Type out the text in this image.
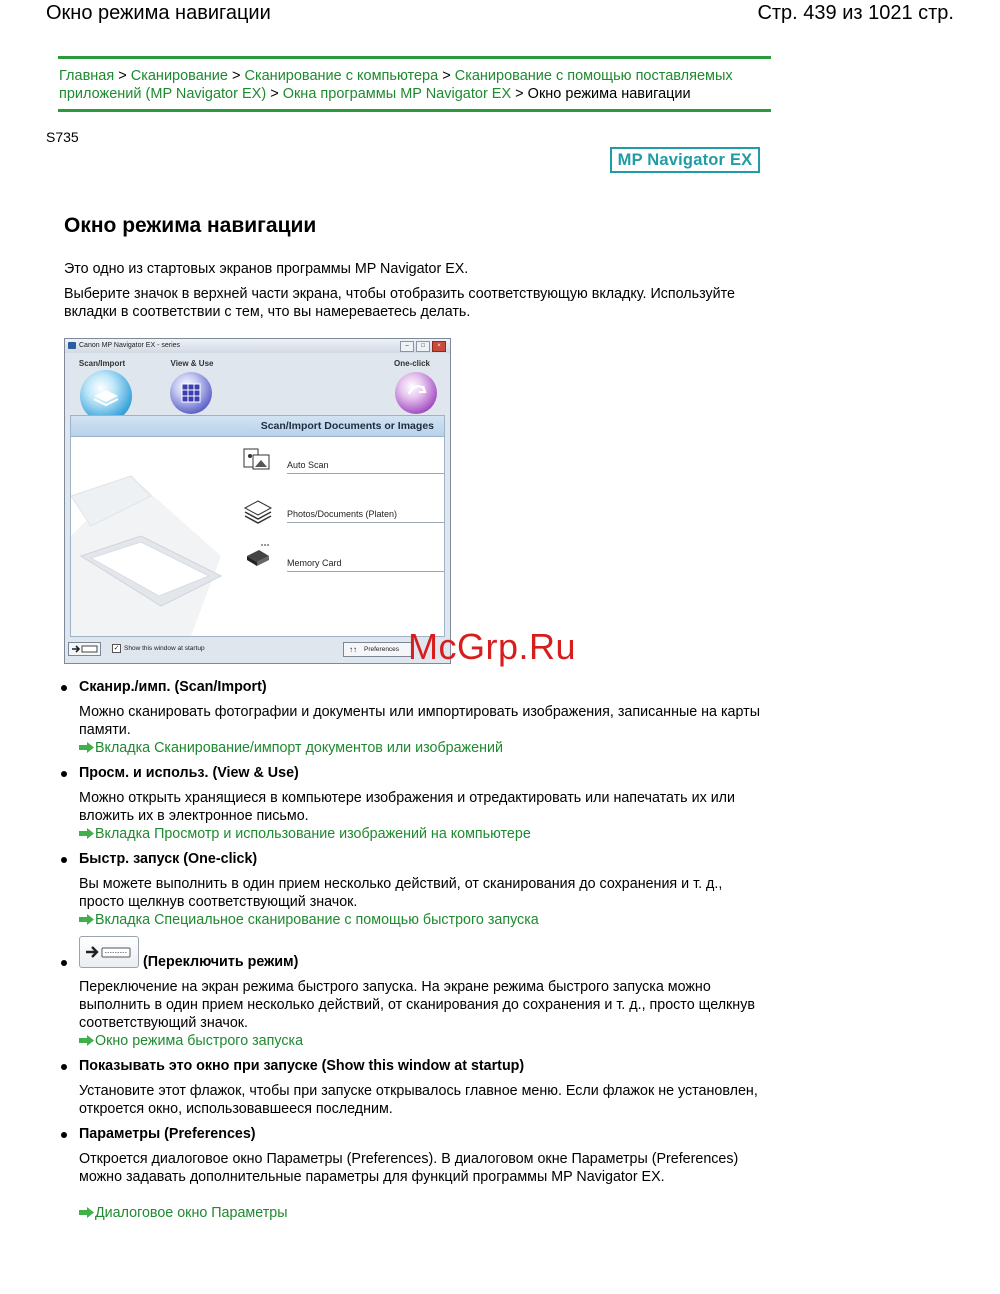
Окно режима навигации	Стр. 439 из 1021 стр.
Главная > Сканирование > Сканирование с компьютера > Сканирование с помощью поставляемых приложений (MP Navigator EX) > Окна программы MP Navigator EX > Окно режима навигации
S735
MP Navigator EX
Окно режима навигации
Это одно из стартовых экранов программы MP Navigator EX.
Выберите значок в верхней части экрана, чтобы отобразить соответствующую вкладку. Используйте вкладки в соответствии с тем, что вы намереваетесь делать.
Canon MP Navigator EX - series	–	□	×
Scan/Import	View & Use	One-click
Scan/Import Documents or Images
Auto Scan
Photos/Documents (Platen)
Memory Card
✓ Show this window at startup	↑↑ Preferences McGrp.Ru
Сканир./имп. (Scan/Import)
Можно сканировать фотографии и документы или импортировать изображения, записанные на карты памяти.
Вкладка Сканирование/импорт документов или изображений
Просм. и использ. (View & Use)
Можно открыть хранящиеся в компьютере изображения и отредактировать или напечатать их или вложить их в электронное письмо.
Вкладка Просмотр и использование изображений на компьютере
Быстр. запуск (One-click)
Вы можете выполнить в один прием несколько действий, от сканирования до сохранения и т. д., просто щелкнув соответствующий значок.
Вкладка Специальное сканирование с помощью быстрого запуска
(Переключить режим)
Переключение на экран режима быстрого запуска. На экране режима быстрого запуска можно выполнить в один прием несколько действий, от сканирования до сохранения и т. д., просто щелкнув соответствующий значок.
Окно режима быстрого запуска
Показывать это окно при запуске (Show this window at startup)
Установите этот флажок, чтобы при запуске открывалось главное меню. Если флажок не установлен, откроется окно, использовавшееся последним.
Параметры (Preferences)
Откроется диалоговое окно Параметры (Preferences). В диалоговом окне Параметры (Preferences) можно задавать дополнительные параметры для функций программы MP Navigator EX.
Диалоговое окно Параметры
